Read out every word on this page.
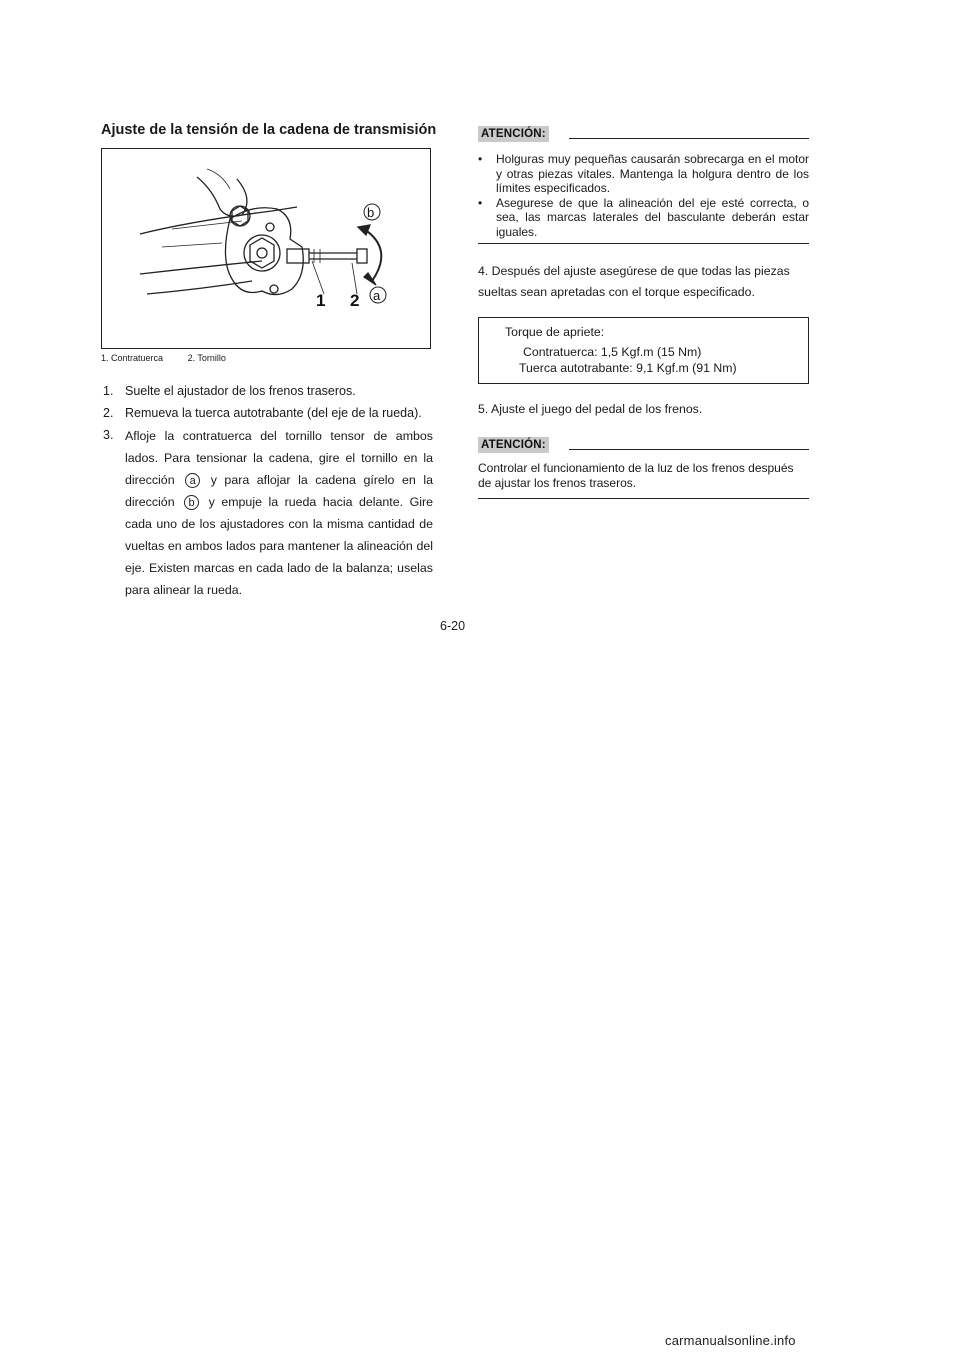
Ajuste de la tensión de la cadena de transmisión
1 2 a
b
1. Contratuerca	2. Tornillo
1. Suelte el ajustador de los frenos traseros.
2. Remueva la tuerca autotrabante (del eje de la rueda).
3. Afloje la contratuerca del tornillo tensor de ambos lados. Para tensionar la cadena, gire el tornillo en la dirección a y para aflojar la cadena gírelo en la dirección b y empuje la rueda hacia delante. Gire cada uno de los ajustadores con la misma cantidad de vueltas en ambos lados para mantener la alineación del eje. Existen marcas en cada lado de la balanza; uselas para alinear la rueda.
ATENCIÓN:
•	Holguras muy pequeñas causarán sobrecarga en el motor y otras piezas vitales. Mantenga la holgura dentro de los límites especificados.
•	Asegurese de que la alineación del eje esté correcta, o sea, las marcas laterales del basculante deberán estar iguales.
4. Después del ajuste asegúrese de que todas las piezas sueltas sean apretadas con el torque especificado.
Torque de apriete:
Contratuerca: 1,5 Kgf.m (15 Nm)
Tuerca autotrabante: 9,1 Kgf.m (91 Nm)
5. Ajuste el juego del pedal de los frenos.
ATENCIÓN:
Controlar el funcionamiento de la luz de los frenos después de ajustar los frenos traseros.
6-20
carmanualsonline.info
